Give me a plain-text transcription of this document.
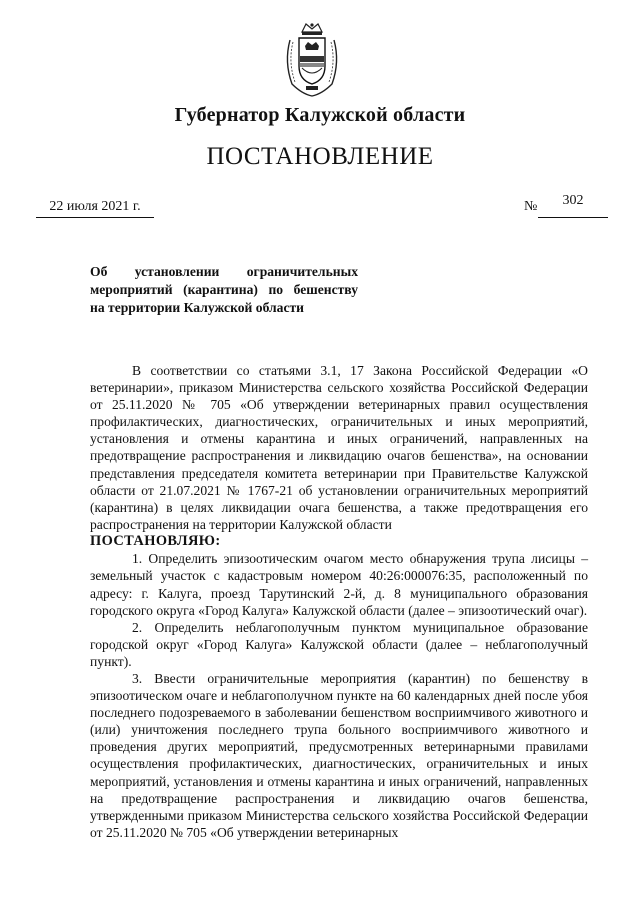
Губернатор Калужской области
ПОСТАНОВЛЕНИЕ
22 июля 2021 г.	№	302
Об установлении ограничительных
мероприятий (карантина) по бешенству
на территории Калужской области

В соответствии со статьями 3.1, 17 Закона Российской Федерации «О ветеринарии», приказом Министерства сельского хозяйства Российской Федерации от 25.11.2020 № 705 «Об утверждении ветеринарных правил осуществления профилактических, диагностических, ограничительных и иных мероприятий, установления и отмены карантина и иных ограничений, направленных на предотвращение распространения и ликвидацию очагов бешенства», на основании представления председателя комитета ветеринарии при Правительстве Калужской области от 21.07.2021 № 1767-21 об установлении ограничительных мероприятий (карантина) в целях ликвидации очага бешенства, а также предотвращения его распространения на территории Калужской области

ПОСТАНОВЛЯЮ:

1. Определить эпизоотическим очагом место обнаружения трупа лисицы – земельный участок с кадастровым номером 40:26:000076:35, расположенный по адресу: г. Калуга, проезд Тарутинский 2-й, д. 8 муниципального образования городского округа «Город Калуга» Калужской области (далее – эпизоотический очаг).

2. Определить неблагополучным пунктом муниципальное образование городской округ «Город Калуга» Калужской области (далее – неблагополучный пункт).

3. Ввести ограничительные мероприятия (карантин) по бешенству в эпизоотическом очаге и неблагополучном пункте на 60 календарных дней после убоя последнего подозреваемого в заболевании бешенством восприимчивого животного и (или) уничтожения последнего трупа больного восприимчивого животного и проведения других мероприятий, предусмотренных ветеринарными правилами осуществления профилактических, диагностических, ограничительных и иных мероприятий, установления и отмены карантина и иных ограничений, направленных на предотвращение распространения и ликвидацию очагов бешенства, утвержденными приказом Министерства сельского хозяйства Российской Федерации от 25.11.2020 № 705 «Об утверждении ветеринарных
